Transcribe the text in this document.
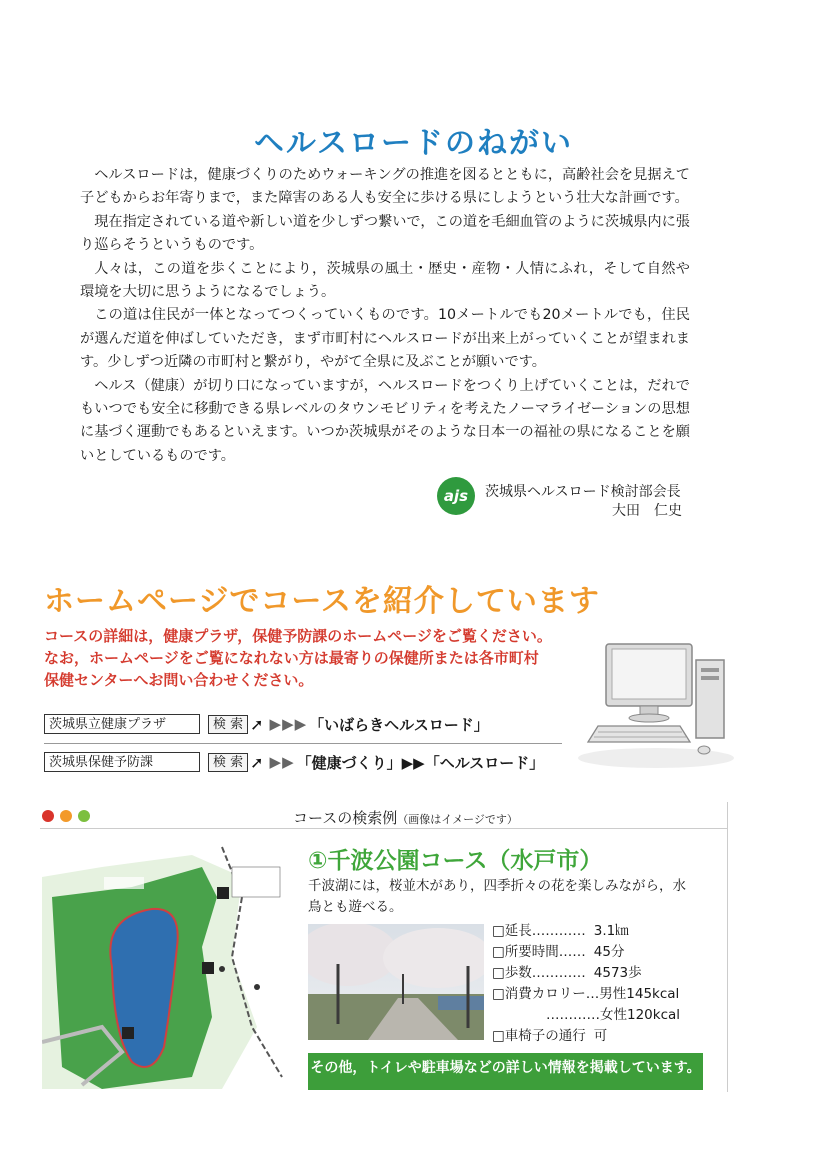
ヘルスロードのねがい

ヘルスロードは，健康づくりのためウォーキングの推進を図るとともに，高齢社会を見据えて子どもからお年寄りまで，また障害のある人も安全に歩ける県にしようという壮大な計画です。

現在指定されている道や新しい道を少しずつ繋いで，この道を毛細血管のように茨城県内に張り巡らそうというものです。

人々は，この道を歩くことにより，茨城県の風土・歴史・産物・人情にふれ，そして自然や環境を大切に思うようになるでしょう。

この道は住民が一体となってつくっていくものです。10メートルでも20メートルでも，住民が選んだ道を伸ばしていただき，まず市町村にヘルスロードが出来上がっていくことが望まれます。少しずつ近隣の市町村と繋がり，やがて全県に及ぶことが願いです。

ヘルス（健康）が切り口になっていますが，ヘルスロードをつくり上げていくことは，だれでもいつでも安全に移動できる県レベルのタウンモビリティを考えたノーマライゼーションの思想に基づく運動でもあるといえます。いつか茨城県がそのような日本一の福祉の県になることを願いとしているものです。

ajs	茨城県ヘルスロード検討部会長
大田　仁史
ホームページでコースを紹介しています
コースの詳細は，健康プラザ，保健予防課のホームページをご覧ください。
なお，ホームページをご覧になれない方は最寄りの保健所または各市町村
保健センターへお問い合わせください。
茨城県立健康プラザ	検 索 ➚ ▶▶▶ 「いばらきヘルスロード」
茨城県保健予防課	検 索 ➚ ▶▶ 「健康づくり」▶▶「ヘルスロード」
コースの検索例（画像はイメージです）
①千波公園コース（水戸市）
千波湖には，桜並木があり，四季折々の花を楽しみながら，水鳥とも遊べる。
□延長………… 3.1㎞
□所要時間…… 45分
□歩数………… 4573歩
□消費カロリー… 男性145kcal
　　　　………… 女性120kcal
□車椅子の通行 可
その他，トイレや駐車場などの詳しい情報を掲載しています。
